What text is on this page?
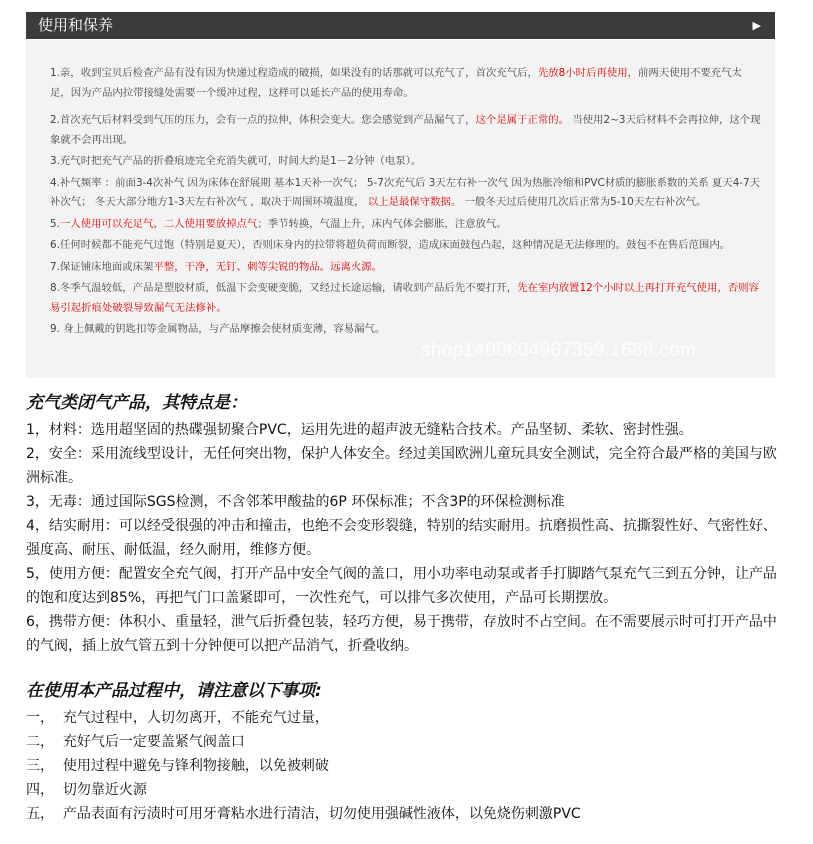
使用和保养	▶

1.亲，收到宝贝后检查产品有没有因为快递过程造成的破损，如果没有的话那就可以充气了，首次充气后，先放8小时后再使用，前两天使用不要充气太足，因为产品内拉带接缝处需要一个缓冲过程，这样可以延长产品的使用寿命。

2.首次充气后材料受到气压的压力，会有一点的拉伸，体积会变大。您会感觉到产品漏气了，这个是属于正常的。 当使用2~3天后材料不会再拉伸，这个现象就不会再出现。

3.充气时把充气产品的折叠痕迹完全充消失就可，时间大约是1－2分钟（电泵）。

4.补气频率 ：前面3-4次补气 因为床体在舒展期 基本1天补一次气； 5-7次充气后 3天左右补一次气 因为热胀冷缩和PVC材质的膨胀系数的关系 夏天4-7天补次气； 冬天大部分地方1-3天左右补次气 ，取决于周围环境温度， 以上是最保守数据。 一般冬天过后使用几次后正常为5-10天左右补次气。

5.一人使用可以充足气，二人使用要放掉点气；季节转换，气温上升，床内气体会膨胀，注意放气。

6.任何时候都不能充气过饱（特别是夏天），否则床身内的拉带将超负荷而断裂，造成床面鼓包凸起，这种情况是无法修理的。鼓包不在售后范围内。

7.保证铺床地面或床架平整，干净，无钉、刺等尖锐的物品。远离火源。

8.冬季气温较低，产品是塑胶材质，低温下会变硬变脆，又经过长途运输，请收到产品后先不要打开，先在室内放置12个小时以上再打开充气使用，否则容易引起折痕处破裂导致漏气无法修补。

9. 身上佩戴的钥匙扣等金属物品，与产品摩擦会使材质变薄，容易漏气。

shop1400604967359.1688.com
充气类闭气产品，其特点是：

1，材料：选用超坚固的热碟强韧聚合PVC，运用先进的超声波无缝粘合技术。产品坚韧、柔软、密封性强。

2，安全：采用流线型设计，无任何突出物，保护人体安全。经过美国欧洲儿童玩具安全测试，完全符合最严格的美国与欧洲标准。

3，无毒：通过国际SGS检测，不含邻苯甲酸盐的6P 环保标准；不含3P的环保检测标准

4，结实耐用：可以经受很强的冲击和撞击，也绝不会变形裂缝，特别的结实耐用。抗磨损性高、抗撕裂性好、气密性好、强度高、耐压、耐低温，经久耐用，维修方便。

5，使用方便：配置安全充气阀，打开产品中安全气阀的盖口，用小功率电动泵或者手打脚踏气泵充气三到五分钟，让产品的饱和度达到85%，再把气门口盖紧即可，一次性充气，可以排气多次使用，产品可长期摆放。

6，携带方便：体积小、重量轻，泄气后折叠包装，轻巧方便，易于携带，存放时不占空间。在不需要展示时可打开产品中的气阀，插上放气管五到十分钟便可以把产品消气，折叠收纳。

在使用本产品过程中，请注意以下事项:

一，  充气过程中，人切勿离开，不能充气过量，

二，  充好气后一定要盖紧气阀盖口

三，  使用过程中避免与锋利物接触，以免被刺破

四，  切勿靠近火源

五，  产品表面有污渍时可用牙膏粘水进行清洁，切勿使用强碱性液体，以免烧伤刺激PVC
